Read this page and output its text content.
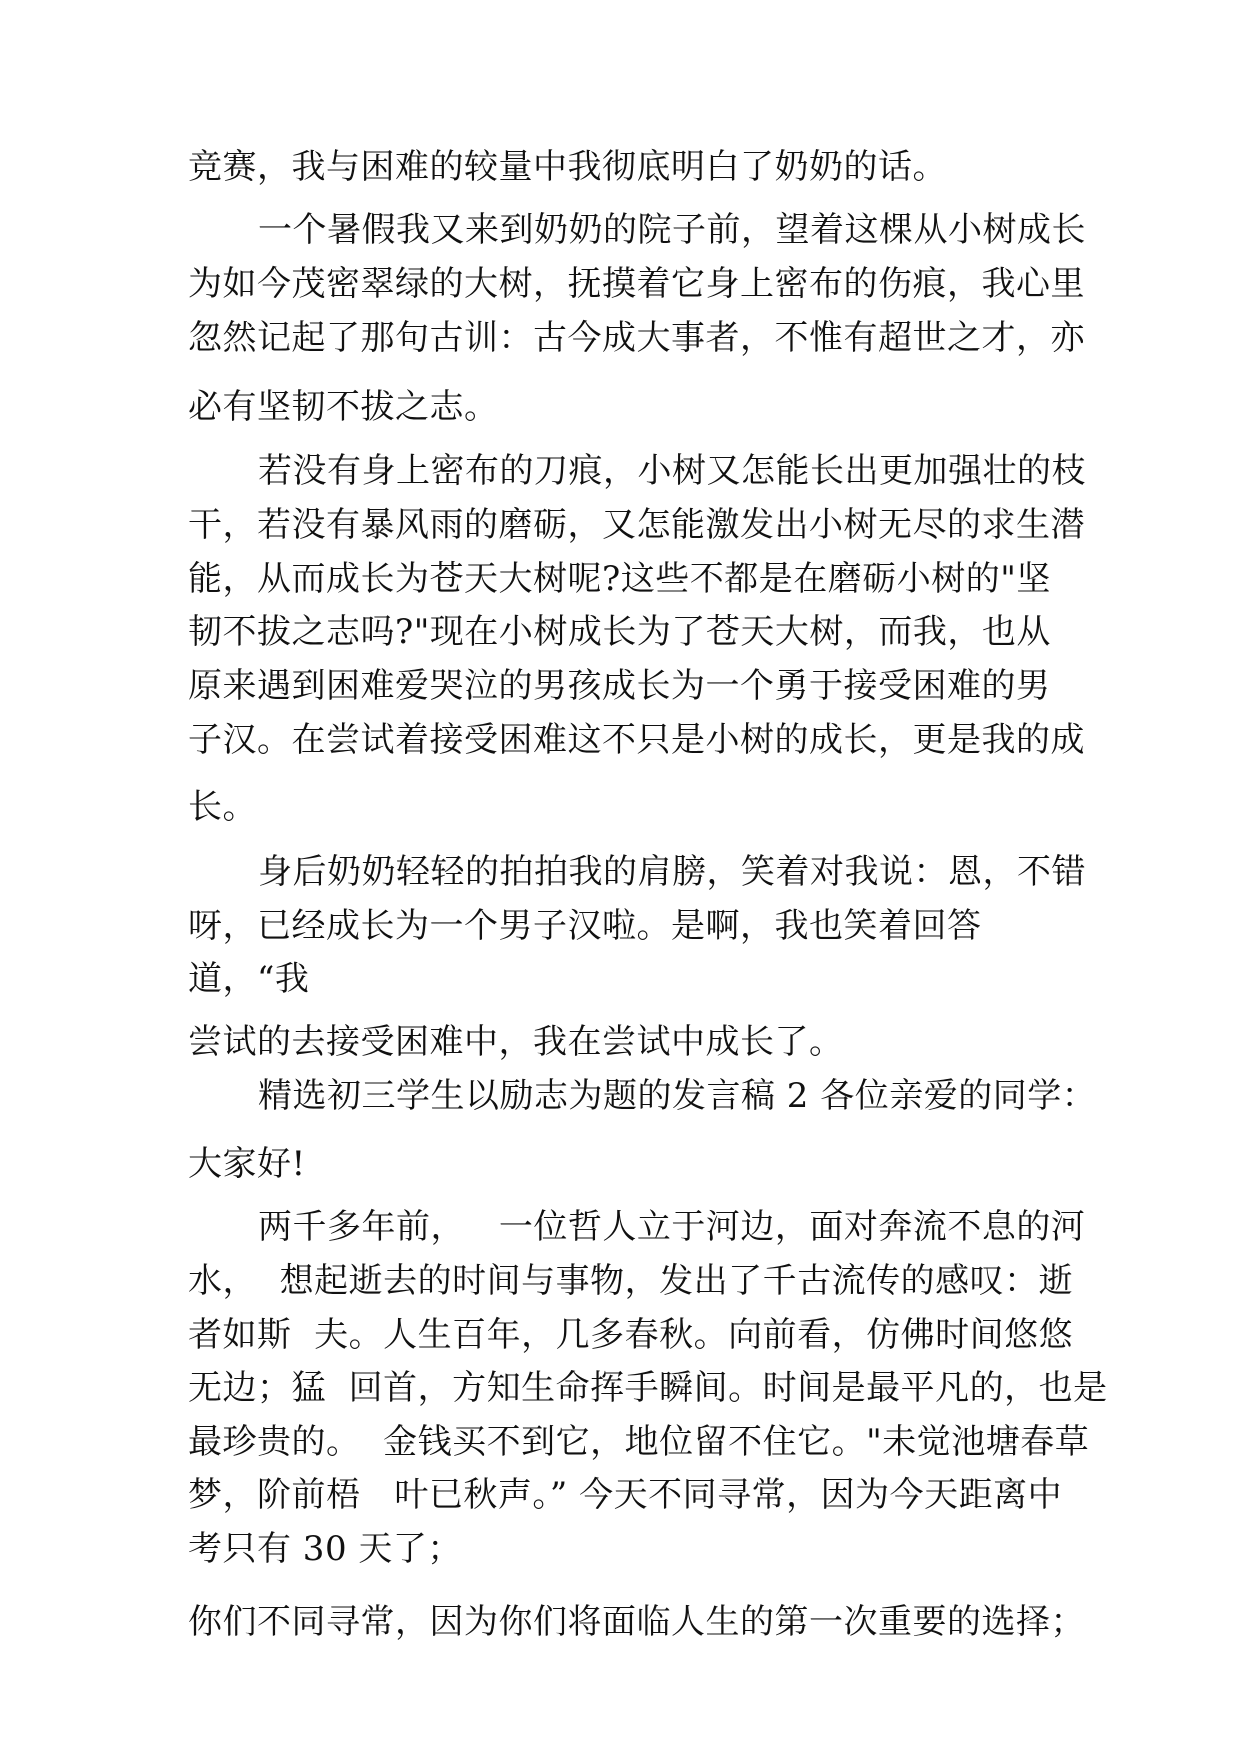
竞赛，我与困难的较量中我彻底明白了奶奶的话。
一个暑假我又来到奶奶的院子前，望着这棵从小树成长
为如今茂密翠绿的大树，抚摸着它身上密布的伤痕，我心里
忽然记起了那句古训：古今成大事者，不惟有超世之才，亦
必有坚韧不拔之志。
若没有身上密布的刀痕，小树又怎能长出更加强壮的枝
干，若没有暴风雨的磨砺，又怎能激发出小树无尽的求生潜
能，从而成长为苍天大树呢?这些不都是在磨砺小树的"坚
韧不拔之志吗?"现在小树成长为了苍天大树，而我，也从
原来遇到困难爱哭泣的男孩成长为一个勇于接受困难的男
子汉。在尝试着接受困难这不只是小树的成长，更是我的成
长。
身后奶奶轻轻的拍拍我的肩膀，笑着对我说：恩，不错
呀，已经成长为一个男子汉啦。是啊，我也笑着回答
道，“我
尝试的去接受困难中，我在尝试中成长了。
精选初三学生以励志为题的发言稿 2 各位亲爱的同学：
大家好!
两千多年前，   一位哲人立于河边，面对奔流不息的河
水，  想起逝去的时间与事物，发出了千古流传的感叹：逝
者如斯  夫。人生百年，几多春秋。向前看，仿佛时间悠悠
无边；猛  回首，方知生命挥手瞬间。时间是最平凡的，也是
最珍贵的。  金钱买不到它，地位留不住它。"未觉池塘春草
梦，阶前梧   叶已秋声。” 今天不同寻常，因为今天距离中
考只有 30 天了；
你们不同寻常，因为你们将面临人生的第一次重要的选择；
